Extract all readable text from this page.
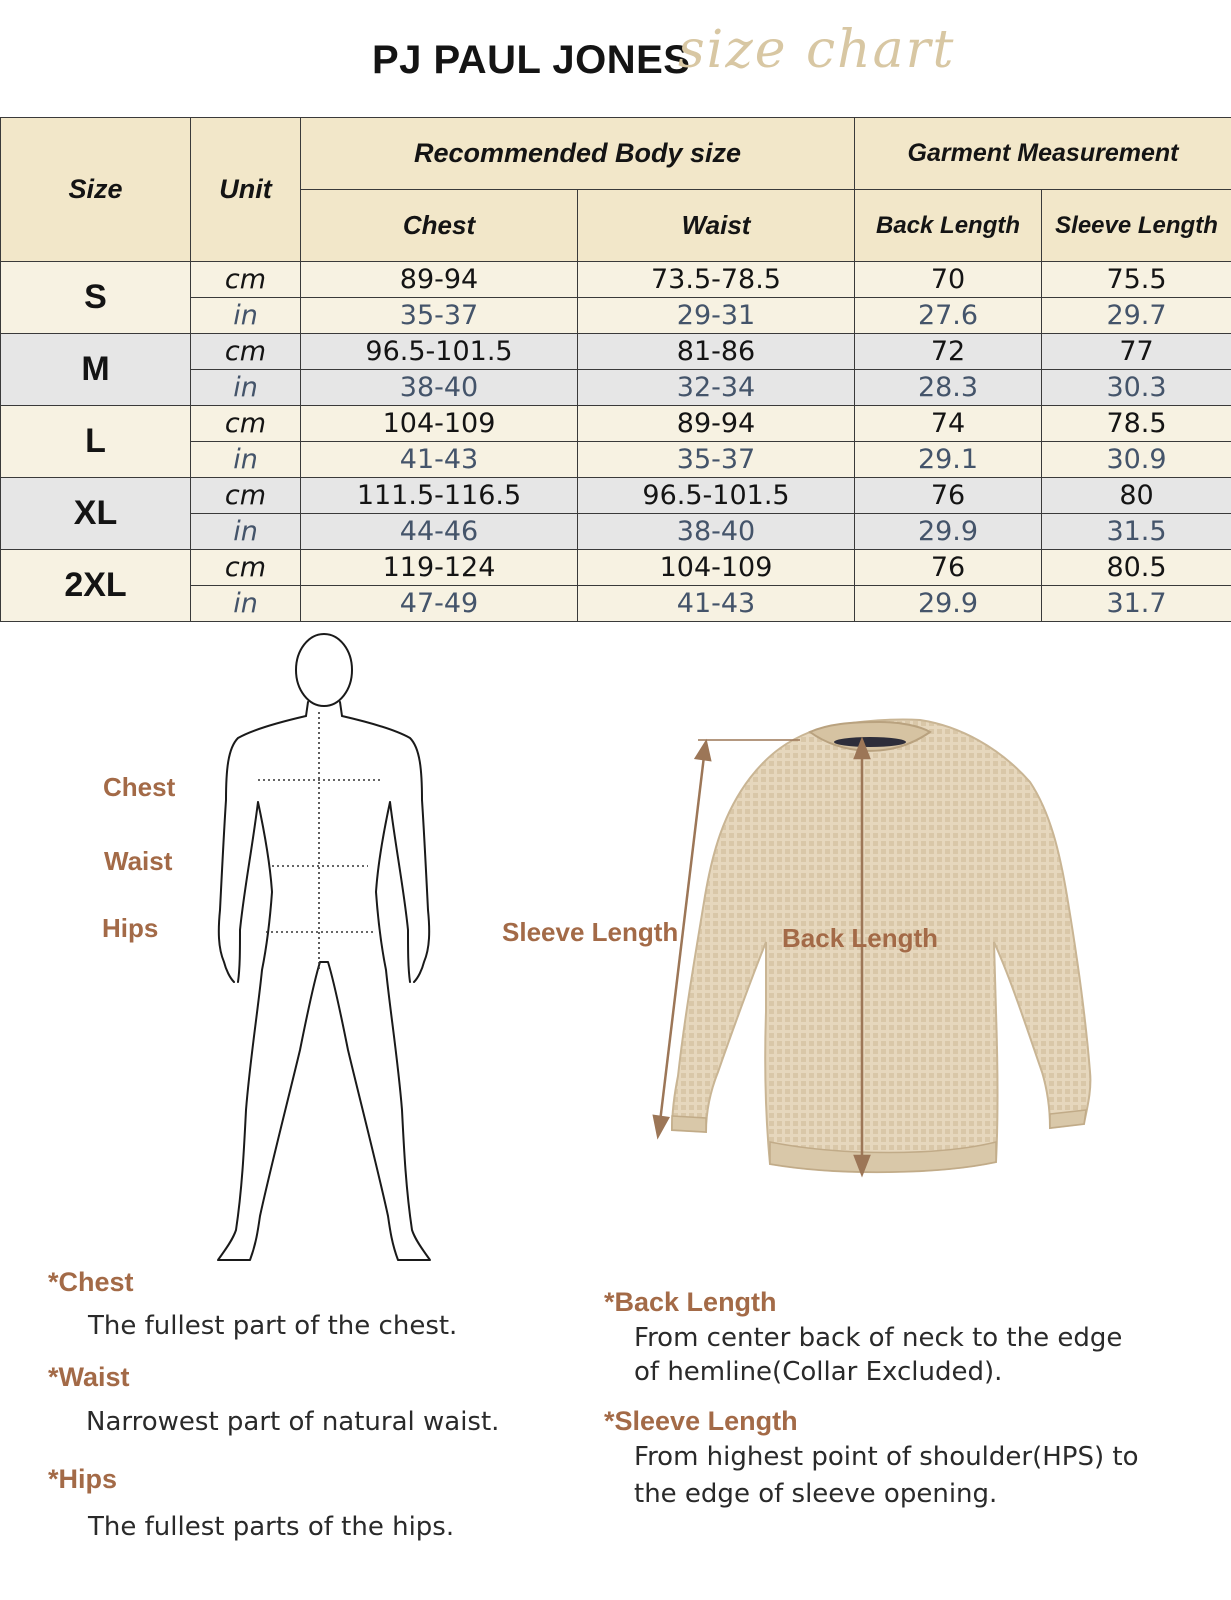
PJ PAUL JONES
size chart
Size	Unit	Recommended Body size		Garment Measurement	
		Chest	Waist	Back Length	Sleeve Length
S	cm	89-94	73.5-78.5	70	75.5
	in	35-37	29-31	27.6	29.7
M	cm	96.5-101.5	81-86	72	77
	in	38-40	32-34	28.3	30.3
L	cm	104-109	89-94	74	78.5
	in	41-43	35-37	29.1	30.9
XL	cm	111.5-116.5	96.5-101.5	76	80
	in	44-46	38-40	29.9	31.5
2XL	cm	119-124	104-109	76	80.5
	in	47-49	41-43	29.9	31.7
Chest
Waist
Hips	Sleeve Length	Back Length
*Chest
The fullest part of the chest.
*Waist
Narrowest part of natural waist.
*Hips
The fullest parts of the hips.
*Back Length
From center back of neck to the edge
of hemline(Collar Excluded).
*Sleeve Length
From highest point of shoulder(HPS) to
the edge of sleeve opening.
